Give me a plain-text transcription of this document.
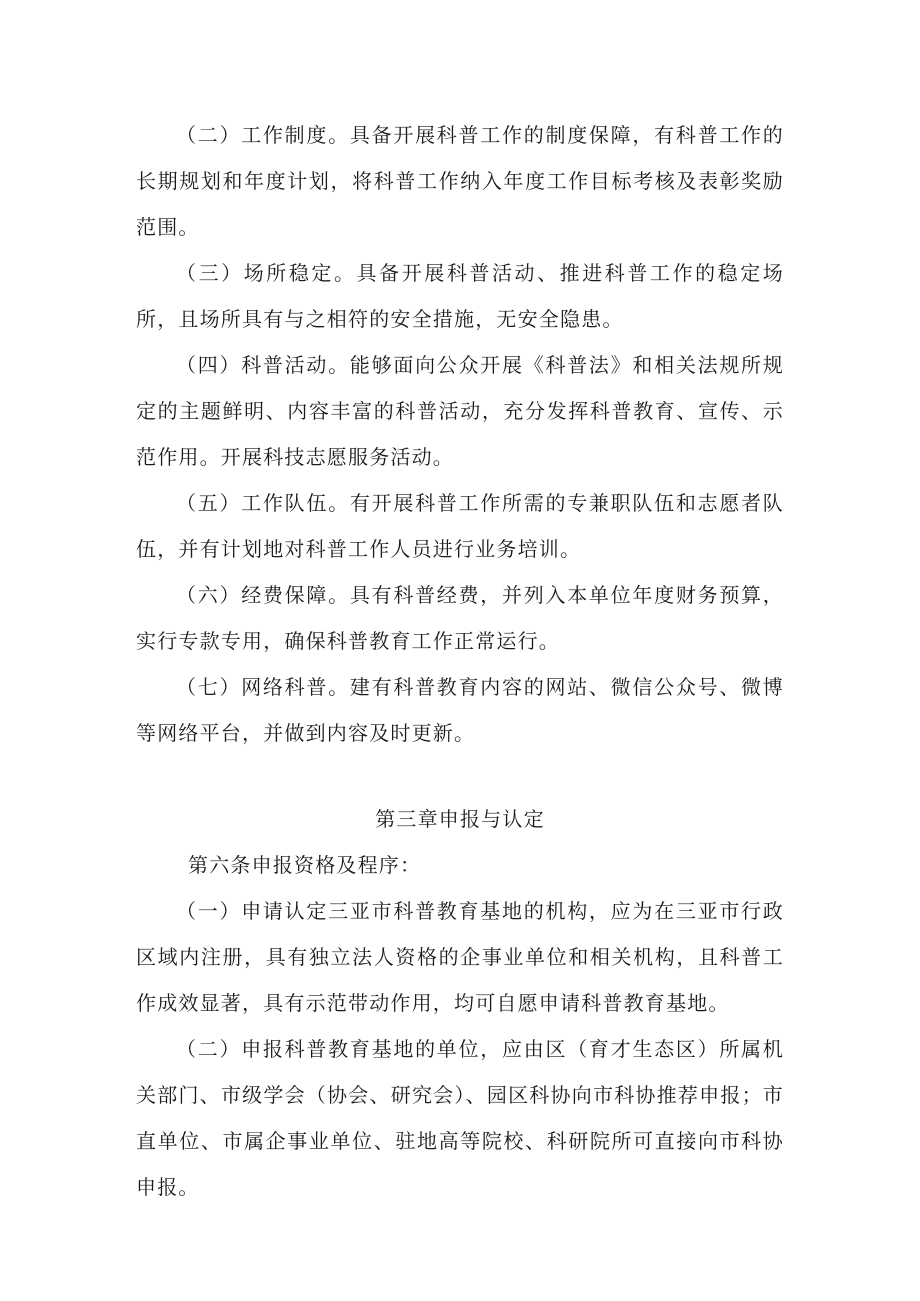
（二）工作制度。具备开展科普工作的制度保障，有科普工作的长期规划和年度计划，将科普工作纳入年度工作目标考核及表彰奖励范围。

（三）场所稳定。具备开展科普活动、推进科普工作的稳定场所，且场所具有与之相符的安全措施，无安全隐患。

（四）科普活动。能够面向公众开展《科普法》和相关法规所规定的主题鲜明、内容丰富的科普活动，充分发挥科普教育、宣传、示范作用。开展科技志愿服务活动。

（五）工作队伍。有开展科普工作所需的专兼职队伍和志愿者队伍，并有计划地对科普工作人员进行业务培训。

（六）经费保障。具有科普经费，并列入本单位年度财务预算，实行专款专用，确保科普教育工作正常运行。

（七）网络科普。建有科普教育内容的网站、微信公众号、微博等网络平台，并做到内容及时更新。

第三章申报与认定

第六条申报资格及程序：

（一）申请认定三亚市科普教育基地的机构，应为在三亚市行政区域内注册，具有独立法人资格的企事业单位和相关机构，且科普工作成效显著，具有示范带动作用，均可自愿申请科普教育基地。

（二）申报科普教育基地的单位，应由区（育才生态区）所属机关部门、市级学会（协会、研究会）、园区科协向市科协推荐申报；市直单位、市属企事业单位、驻地高等院校、科研院所可直接向市科协申报。
